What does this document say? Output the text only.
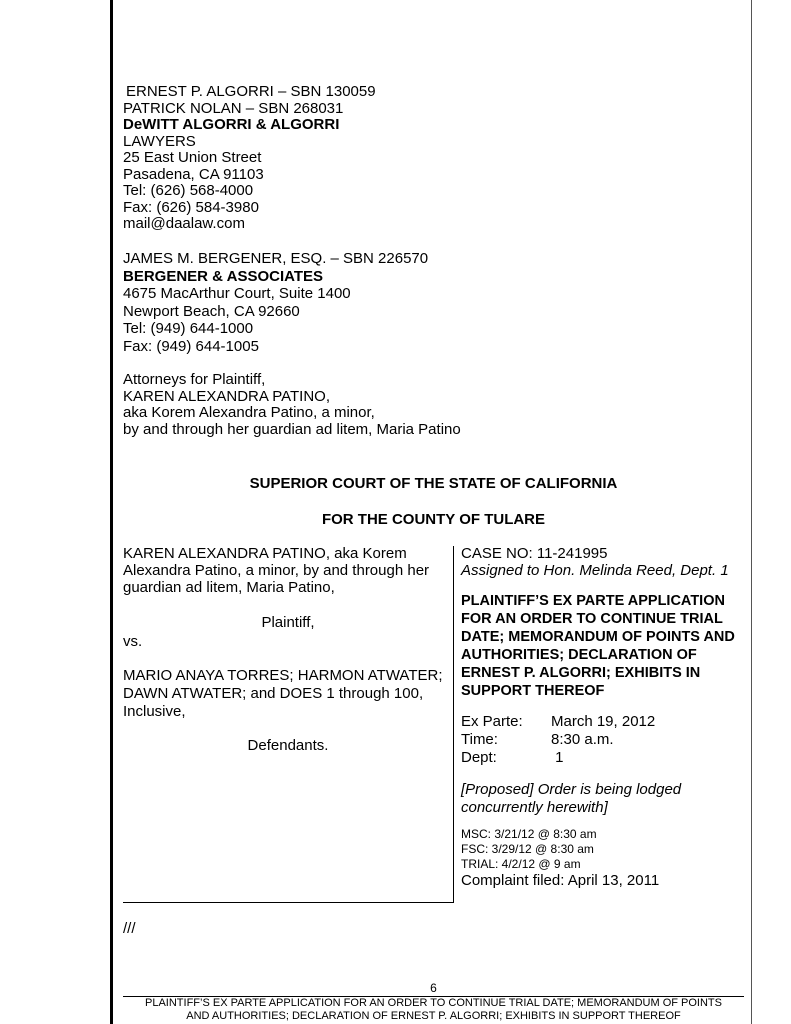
ERNEST P. ALGORRI – SBN 130059
PATRICK NOLAN – SBN 268031
DeWITT ALGORRI & ALGORRI
LAWYERS
25 East Union Street
Pasadena, CA 91103
Tel: (626) 568-4000
Fax: (626) 584-3980
mail@daalaw.com
JAMES M. BERGENER, ESQ. – SBN 226570
BERGENER & ASSOCIATES
4675 MacArthur Court, Suite 1400
Newport Beach, CA 92660
Tel: (949) 644-1000
Fax: (949) 644-1005
Attorneys for Plaintiff,
KAREN ALEXANDRA PATINO,
aka Korem Alexandra Patino, a minor,
by and through her guardian ad litem, Maria Patino
SUPERIOR COURT OF THE STATE OF CALIFORNIA
FOR THE COUNTY OF TULARE
KAREN ALEXANDRA PATINO, aka Korem Alexandra Patino, a minor, by and through her guardian ad litem, Maria Patino,
Plaintiff,
vs.
MARIO ANAYA TORRES; HARMON ATWATER; DAWN ATWATER; and DOES 1 through 100, Inclusive,
Defendants.
CASE NO: 11-241995
Assigned to Hon. Melinda Reed, Dept. 1
PLAINTIFF’S EX PARTE APPLICATION FOR AN ORDER TO CONTINUE TRIAL DATE; MEMORANDUM OF POINTS AND AUTHORITIES; DECLARATION OF ERNEST P. ALGORRI; EXHIBITS IN SUPPORT THEREOF
Ex Parte:	March 19, 2012
Time:	8:30 a.m.
Dept:	1
[Proposed] Order is being lodged concurrently herewith]
MSC: 3/21/12 @ 8:30 am
FSC: 3/29/12 @ 8:30 am
TRIAL: 4/2/12 @ 9 am
Complaint filed: April 13, 2011
///
6
PLAINTIFF’S EX PARTE APPLICATION FOR AN ORDER TO CONTINUE TRIAL DATE; MEMORANDUM OF POINTS
AND AUTHORITIES; DECLARATION OF ERNEST P. ALGORRI; EXHIBITS IN SUPPORT THEREOF
